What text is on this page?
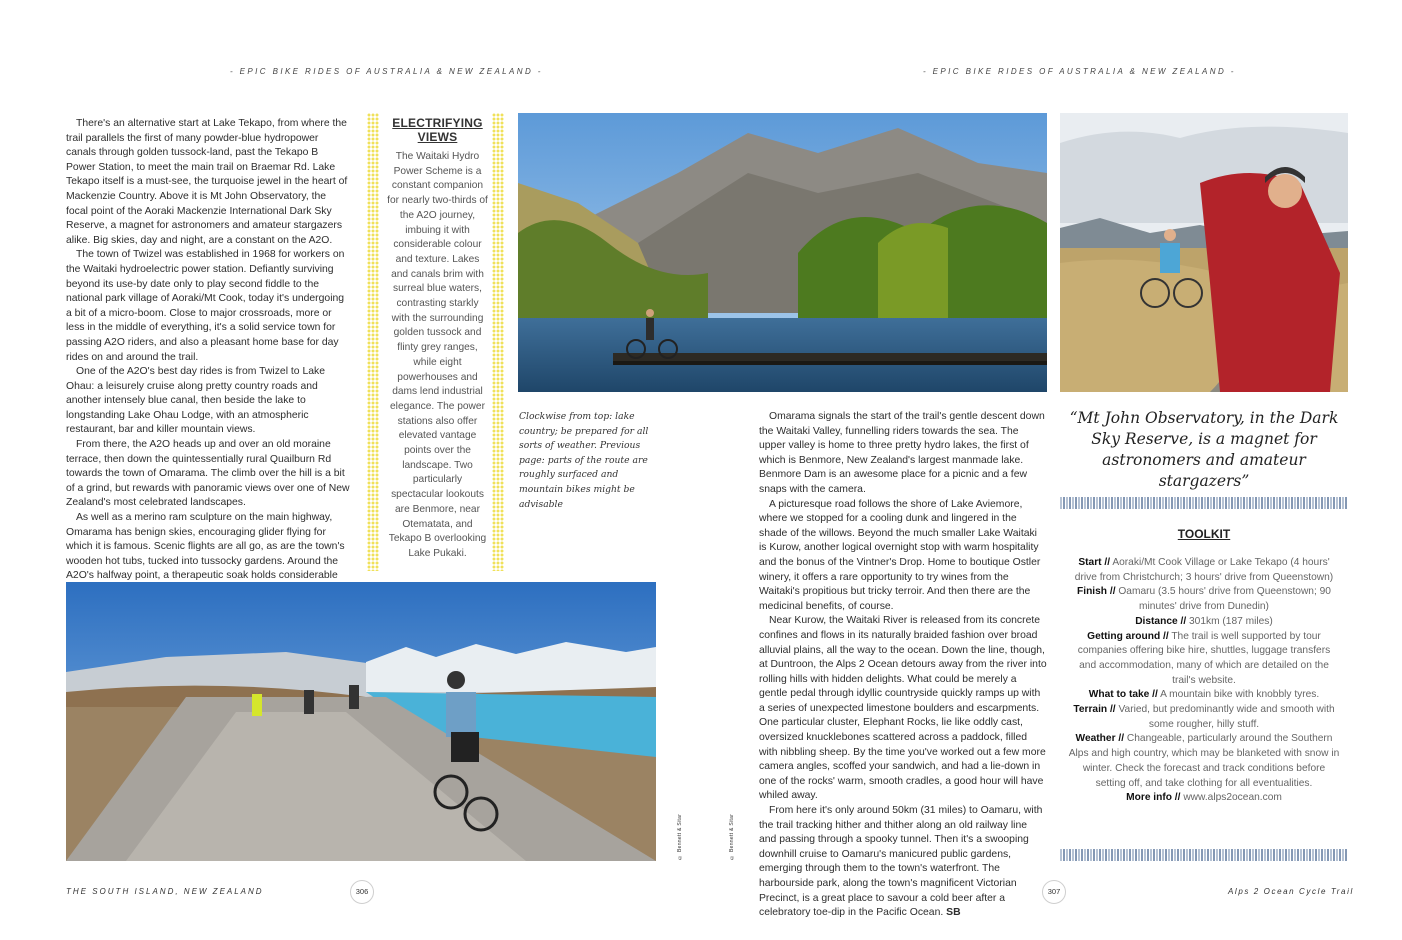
- EPIC BIKE RIDES OF AUSTRALIA & NEW ZEALAND -	- EPIC BIKE RIDES OF AUSTRALIA & NEW ZEALAND -

There's an alternative start at Lake Tekapo, from where the trail parallels the first of many powder-blue hydropower canals through golden tussock-land, past the Tekapo B Power Station, to meet the main trail on Braemar Rd. Lake Tekapo itself is a must-see, the turquoise jewel in the heart of Mackenzie Country. Above it is Mt John Observatory, the focal point of the Aoraki Mackenzie International Dark Sky Reserve, a magnet for astronomers and amateur stargazers alike. Big skies, day and night, are a constant on the A2O.

The town of Twizel was established in 1968 for workers on the Waitaki hydroelectric power station. Defiantly surviving beyond its use-by date only to play second fiddle to the national park village of Aoraki/Mt Cook, today it's undergoing a bit of a micro-boom. Close to major crossroads, more or less in the middle of everything, it's a solid service town for passing A2O riders, and also a pleasant home base for day rides on and around the trail.

One of the A2O's best day rides is from Twizel to Lake Ohau: a leisurely cruise along pretty country roads and another intensely blue canal, then beside the lake to longstanding Lake Ohau Lodge, with an atmospheric restaurant, bar and killer mountain views.

From there, the A2O heads up and over an old moraine terrace, then down the quintessentially rural Quailburn Rd towards the town of Omarama. The climb over the hill is a bit of a grind, but rewards with panoramic views over one of New Zealand's most celebrated landscapes.

As well as a merino ram sculpture on the main highway, Omarama has benign skies, encouraging glider flying for which it is famous. Scenic flights are all go, as are the town's wooden hot tubs, tucked into tussocky gardens. Around the A2O's halfway point, a therapeutic soak holds considerable

ELECTRIFYING VIEWS

The Waitaki Hydro Power Scheme is a constant companion for nearly two-thirds of the A2O journey, imbuing it with considerable colour and texture. Lakes and canals brim with surreal blue waters, contrasting starkly with the surrounding golden tussock and flinty grey ranges, while eight powerhouses and dams lend industrial elegance. The power stations also offer elevated vantage points over the landscape. Two particularly spectacular lookouts are Benmore, near Otematata, and Tekapo B overlooking Lake Pukaki.

Clockwise from top: lake country; be prepared for all sorts of weather. Previous page: parts of the route are roughly surfaced and mountain bikes might be advisable
© Bennett & Sitar	© Bennett & Sitar

Omarama signals the start of the trail's gentle descent down the Waitaki Valley, funnelling riders towards the sea. The upper valley is home to three pretty hydro lakes, the first of which is Benmore, New Zealand's largest manmade lake. Benmore Dam is an awesome place for a picnic and a few snaps with the camera.

A picturesque road follows the shore of Lake Aviemore, where we stopped for a cooling dunk and lingered in the shade of the willows. Beyond the much smaller Lake Waitaki is Kurow, another logical overnight stop with warm hospitality and the bonus of the Vintner's Drop. Home to boutique Ostler winery, it offers a rare opportunity to try wines from the Waitaki's propitious but tricky terroir. And then there are the medicinal benefits, of course.

Near Kurow, the Waitaki River is released from its concrete confines and flows in its naturally braided fashion over broad alluvial plains, all the way to the ocean. Down the line, though, at Duntroon, the Alps 2 Ocean detours away from the river into rolling hills with hidden delights. What could be merely a gentle pedal through idyllic countryside quickly ramps up with a series of unexpected limestone boulders and escarpments. One particular cluster, Elephant Rocks, lie like oddly cast, oversized knucklebones scattered across a paddock, filled with nibbling sheep. By the time you've worked out a few more camera angles, scoffed your sandwich, and had a lie-down in one of the rocks' warm, smooth cradles, a good hour will have whiled away.

From here it's only around 50km (31 miles) to Oamaru, with the trail tracking hither and thither along an old railway line and passing through a spooky tunnel. Then it's a swooping downhill cruise to Oamaru's manicured public gardens, emerging through them to the town's waterfront. The harbourside park, along the town's magnificent Victorian Precinct, is a great place to savour a cold beer after a celebratory toe-dip in the Pacific Ocean. SB

“Mt John Observatory, in the Dark Sky Reserve, is a magnet for astronomers and amateur stargazers”
TOOLKIT

Start // Aoraki/Mt Cook Village or Lake Tekapo (4 hours' drive from Christchurch; 3 hours' drive from Queenstown)

Finish // Oamaru (3.5 hours' drive from Queenstown; 90 minutes' drive from Dunedin)

Distance // 301km (187 miles)

Getting around // The trail is well supported by tour companies offering bike hire, shuttles, luggage transfers and accommodation, many of which are detailed on the trail's website.

What to take // A mountain bike with knobbly tyres.

Terrain // Varied, but predominantly wide and smooth with some rougher, hilly stuff.

Weather // Changeable, particularly around the Southern Alps and high country, which may be blanketed with snow in winter. Check the forecast and track conditions before setting off, and take clothing for all eventualities.

More info // www.alps2ocean.com

THE SOUTH ISLAND, NEW ZEALAND	306	307	Alps 2 Ocean Cycle Trail
